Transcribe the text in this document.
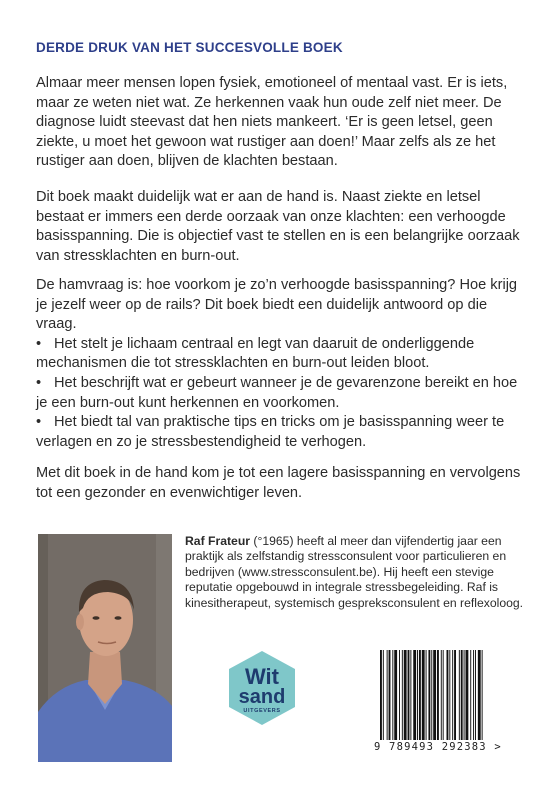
DERDE DRUK VAN HET SUCCESVOLLE BOEK

Almaar meer mensen lopen fysiek, emotioneel of mentaal vast. Er is iets, maar ze weten niet wat. Ze herkennen vaak hun oude zelf niet meer. De diagnose luidt steevast dat hen niets mankeert. ‘Er is geen letsel, geen ziekte, u moet het gewoon wat rustiger aan doen!’ Maar zelfs als ze het rustiger aan doen, blijven de klachten bestaan.

Dit boek maakt duidelijk wat er aan de hand is. Naast ziekte en letsel bestaat er immers een derde oorzaak van onze klachten: een verhoogde basisspanning. Die is objectief vast te stellen en is een belangrijke oorzaak van stressklachten en burn-out.

De hamvraag is: hoe voorkom je zo’n verhoogde basisspanning? Hoe krijg je jezelf weer op de rails? Dit boek biedt een duidelijk antwoord op die vraag.

• Het stelt je lichaam centraal en legt van daaruit de onderliggende mechanismen die tot stressklachten en burn-out leiden bloot.
• Het beschrijft wat er gebeurt wanneer je de gevarenzone bereikt en hoe je een burn-out kunt herkennen en voorkomen.
• Het biedt tal van praktische tips en tricks om je basisspanning weer te verlagen en zo je stressbestendigheid te verhogen.

Met dit boek in de hand kom je tot een lagere basisspanning en vervolgens tot een gezonder en evenwichtiger leven.

Raf Frateur (°1965) heeft al meer dan vijfendertig jaar een praktijk als zelfstandig stressconsulent voor particulieren en bedrijven (www.stressconsulent.be). Hij heeft een stevige reputatie opgebouwd in integrale stressbegeleiding. Raf is kinesitherapeut, systemisch gespreksconsulent en reflexoloog.
Wit
sand
UITGEVERS
9 789493 292383 >
